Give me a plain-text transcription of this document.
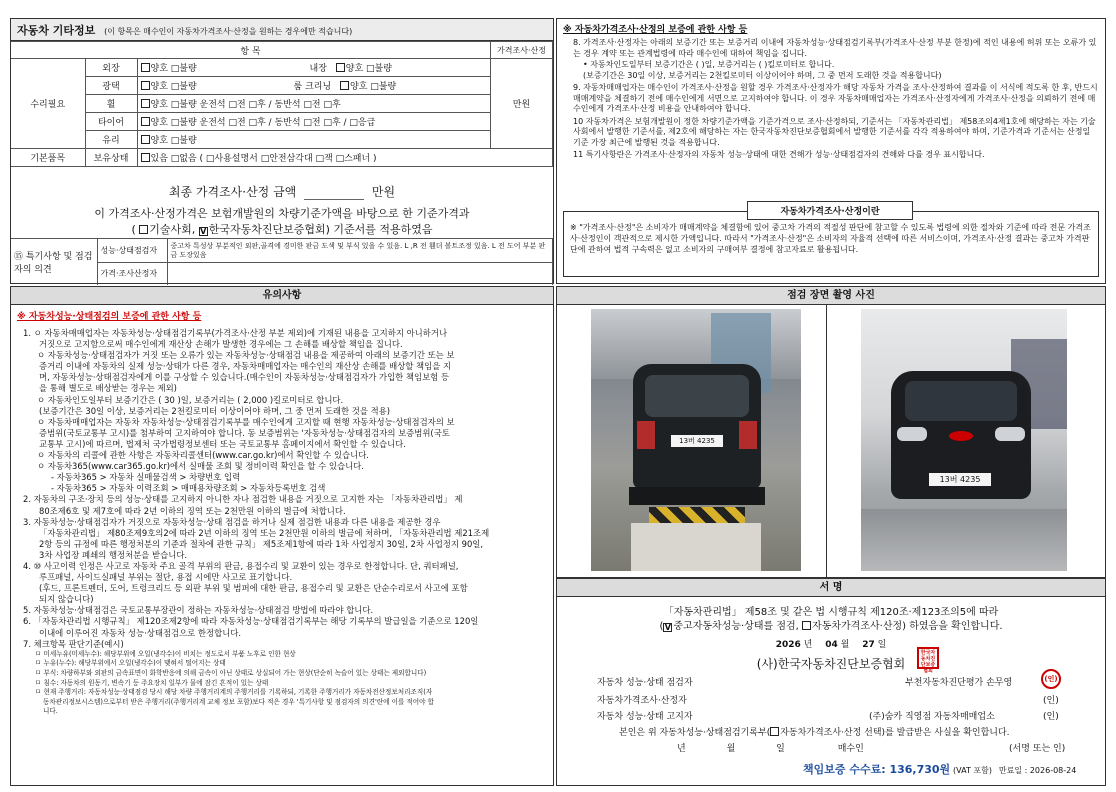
자동차 기타정보 (이 항목은 매수인이 자동차가격조사·산정을 원하는 경우에만 적습니다)
항 목			가격조사·산정
수리필요	외장	양호 □불량 내장 양호 □불량	만원
	광택	양호 □불량 룸 크리닝 양호 □불량	
	휠	양호 □불량 운전석 □전 □후 / 동반석 □전 □후	
	타이어	양호 □불량 운전석 □전 □후 / 동반석 □전 □후 / □응급	
	유리	양호 □불량	
기본품목	보유상태	있음 □없음 ( □사용설명서 □안전삼각대 □잭 □스패너 )	
최종 가격조사·산정 금액	만원
이 가격조사·산정가격은 보험개발원의 차량기준가액을 바탕으로 한 기준가격과
( 기술사회, V 한국자동차진단보증협회) 기준서를 적용하였음
⑮ 특기사항 및 점검자의 의견	성능·상태점검자	중고차 특성상 부분적인 외판,골격에 경미한 판금 도색 및 부식 있을 수 있음. L ,R 전 휀더 볼트조정 있음. L 전 도어 부분 판금 도장있음
	가격·조사산정자	
※ 자동차가격조사·산정의 보증에 관한 사항 등
8. 가격조사·산정자는 아래의 보증기간 또는 보증거리 이내에 자동차성능·상태점검기록부(가격조사·산정 부분 한정)에 적인 내용에 허위 또는 오류가 있는 경우 계약 또는 관계법령에 따라 매수인에 대하여 책임을 집니다.
• 자동차인도일부터 보증기간은 ( )일, 보증거리는 ( )킬로미터로 합니다.
(보증기간은 30일 이상, 보증거리는 2천킬로미터 이상이어야 하며, 그 중 먼저 도래한 것을 적용합니다)
9. 자동차매매업자는 매수인이 가격조사·산정을 원할 경우 가격조사·산정자가 해당 자동차 가격을 조사·산정하여 결과를 이 서식에 적도록 한 후, 반드시 매매계약을 체결하기 전에 매수인에게 서면으로 고지하여야 합니다. 이 경우 자동차매매업자는 가격조사·산정자에게 가격조사·산정을 의뢰하기 전에 매수인에게 가격조사·산정 비용을 안내하여야 합니다.
10 자동차가격은 보험개발원이 정한 차량기준가액을 기준가격으로 조사·산정하되, 기준서는 「자동차관리법」 제58조의4제1호에 해당하는 자는 기술사회에서 발행한 기준서를, 제2호에 해당하는 자는 한국자동차진단보증협회에서 발행한 기준서를 각각 적용하여야 하며, 기준가격과 기준서는 산정일 기준 가장 최근에 발행된 것을 적용합니다.
11 특기사항란은 가격조사·산정자의 자동차 성능·상태에 대한 견해가 성능·상태점검자의 견해와 다를 경우 표시합니다.
자동차가격조사·산정이란
※ "가격조사·산정"은 소비자가 매매계약을 체결함에 있어 중고차 가격의 적절성 판단에 참고할 수 있도록 법령에 의한 절차와 기준에 따라 전문 가격조사·산정인이 객관적으로 제시한 가액입니다. 따라서 "가격조사·산정"은 소비자의 자율적 선택에 따른 서비스이며, 가격조사·산정 결과는 중고차 가격판단에 관하여 법적 구속력은 없고 소비자의 구매여부 결정에 참고자료로 활용됩니다.
유의사항
※ 자동차성능·상태점검의 보증에 관한 사항 등
1. ㅇ 자동차매매업자는 자동차성능·상태점검기록부(가격조사·산정 부분 제외)에 기재된 내용을 고지하지 아니하거나
거짓으로 고지함으로써 매수인에게 재산상 손해가 발생한 경우에는 그 손해를 배상할 책임을 집니다.
ㅇ 자동차성능·상태점검자가 거짓 또는 오류가 있는 자동차성능·상태점검 내용을 제공하여 아래의 보증기간 또는 보
증거리 이내에 자동차의 실제 성능·상태가 다른 경우, 자동차매매업자는 매수인의 재산상 손해를 배상할 책임을 지
며, 자동차성능·상태점검자에게 이를 구상할 수 있습니다.(매수인이 자동차성능·상태점검자가 가입한 책임보험 등
을 통해 별도로 배상받는 경우는 제외)
ㅇ 자동차인도일부터 보증기간은 ( 30 )일, 보증거리는 ( 2,000 )킬로미터로 합니다.
(보증기간은 30일 이상, 보증거리는 2천킬로미터 이상이어야 하며, 그 중 먼저 도래한 것을 적용)
ㅇ 자동차매매업자는 자동차 자동차성능·상태점검기록부를 매수인에게 고지할 때 현행 자동차성능·상태점검자의 보
증범위(국토교통부 고시)를 첨부하여 고지하여야 합니다. 동 보증범위는 '자동차성능·상태점검자의 보증범위(국토
교통부 고시)에 따르며, 법제처 국가법령정보센터 또는 국토교통부 홈페이지에서 확인할 수 있습니다.
ㅇ 자동차의 리콜에 관한 사항은 자동차리콜센터(www.car.go.kr)에서 확인할 수 있습니다.
ㅇ 자동차365(www.car365.go.kr)에서 실매물 조회 및 정비이력 확인을 할 수 있습니다.
- 자동차365 > 자동차 실매물검색 > 차량번호 입력
- 자동차365 > 자동차 이력조회 > 매매용차량조회 > 자동차등록번호 검색
2. 자동차의 구조·장치 등의 성능·상태를 고지하지 아니한 자나 점검한 내용을 거짓으로 고지한 자는 「자동차관리법」 제
80조제6호 및 제7호에 따라 2년 이하의 징역 또는 2천만원 이하의 벌금에 처합니다.
3. 자동차성능·상태점검자가 거짓으로 자동차성능·상태 점검을 하거나 실제 점검한 내용과 다른 내용을 제공한 경우
「자동차관리법」 제80조제9호의2에 따라 2년 이하의 징역 또는 2천만원 이하의 벌금에 처하며, 「자동차관리법 제21조제
2항 등의 규정에 따른 행정처분의 기준과 절차에 관한 규칙」 제5조제1항에 따라 1차 사업정지 30일, 2차 사업정지 90일,
3차 사업장 폐쇄의 행정처분을 받습니다.
4. ⑩ 사고이력 인정은 사고로 자동차 주요 골격 부위의 판금, 용접수리 및 교환이 있는 경우로 한정합니다. 단, 쿼터패널,
루프패널, 사이드실패널 부위는 절단, 용접 시에만 사고로 표기합니다.
(후드, 프론트펜더, 도어, 트렁크리드 등 외판 부위 및 범퍼에 대한 판금, 용접수리 및 교환은 단순수리로서 사고에 포함
되지 않습니다)
5. 자동차성능·상태점검은 국토교통부장관이 정하는 자동차성능·상태점검 방법에 따라야 합니다.
6. 「자동차관리법 시행규칙」 제120조제2항에 따라 자동차성능·상태점검기록부는 해당 기록부의 발급일을 기준으로 120일
이내에 이루어진 자동차 성능·상태점검으로 한정합니다.
7. 체크항목 판단기준(예시)
ㅁ 미세누유(미세누수): 해당부위에 오일(냉각수)이 비치는 정도로서 부품 노후로 인한 현상
ㅁ 누유(누수): 해당부위에서 오일(냉각수)이 맺혀서 떨어지는 상태
ㅁ 부식: 차량하부와 외판의 금속표면이 화학반응에 의해 금속이 아닌 상태로 상실되어 가는 현상(단순히 녹슬어 있는 상태는 제외합니다)
ㅁ 침수: 자동차의 원동기, 변속기 등 주요장치 일부가 물에 잠긴 흔적이 있는 상태
ㅁ 현재 주행거리: 자동차성능·상태점검 당시 해당 차량 주행거리계의 주행거리를 기록하되, 기록한 주행거리가 자동차전산정보처리조직(자
동차관리정보시스템)으로부터 받은 주행거리(주행거리계 교체 정보 포함)보다 적은 경우 '특기사항 및 점검자의 의견'란에 이를 적어야 합
니다.
점검 장면 촬영 사진
13버 4235
13버 4235
서 명
「자동차관리법」 제58조 및 같은 법 시행규칙 제120조·제123조의5에 따라
(V 중고자동차성능·상태를 점검, 자동차가격조사·산정) 하였음을 확인합니다.
2026 년 04 월 27 일
(사)한국자동차진단보증협회
한국자동차진단보증협회
자동차 성능·상태 점검자	부천자동차진단평가 손무영	(인)
자동차가격조사·산정자	(인)
자동차 성능·상태 고지자	(주)숨카 직영점 자동차매매업소	(인)
본인은 위 자동차성능·상태점검기록부( 자동차가격조사·산정 선택)를 발급받은 사실을 확인합니다.
년	월	일	매수인	(서명 또는 인)
책임보증 수수료: 136,730원 (VAT 포함) 만료일 : 2026-08-24
